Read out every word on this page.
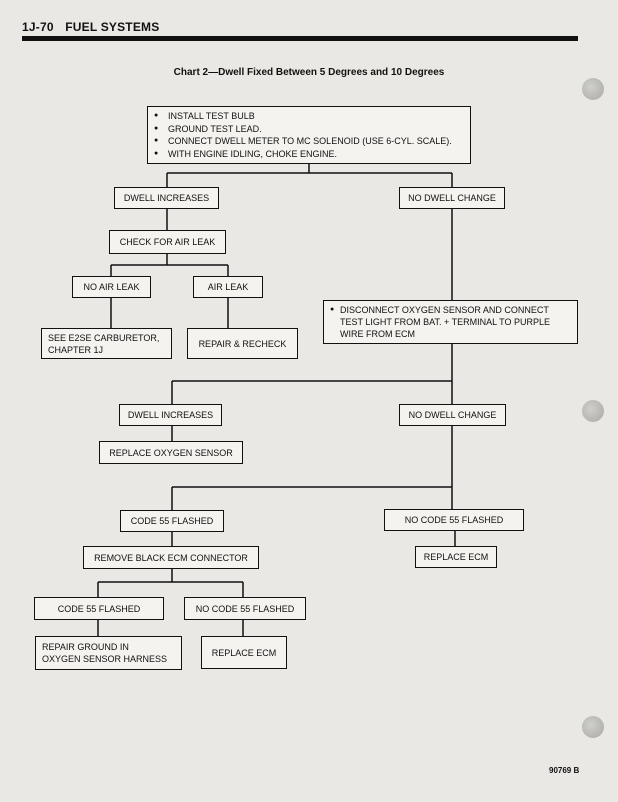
1J-70 FUEL SYSTEMS
Chart 2—Dwell Fixed Between 5 Degrees and 10 Degrees
● INSTALL TEST BULB
● GROUND TEST LEAD.
● CONNECT DWELL METER TO MC SOLENOID (USE 6-CYL. SCALE).
● WITH ENGINE IDLING, CHOKE ENGINE.
DWELL INCREASES	NO DWELL CHANGE
CHECK FOR AIR LEAK
NO AIR LEAK	AIR LEAK
SEE E2SE CARBURETOR,
CHAPTER 1J
REPAIR & RECHECK
● DISCONNECT OXYGEN SENSOR AND CONNECT
TEST LIGHT FROM BAT. + TERMINAL TO PURPLE
WIRE FROM ECM
DWELL INCREASES	NO DWELL CHANGE
REPLACE OXYGEN SENSOR
CODE 55 FLASHED	NO CODE 55 FLASHED
REMOVE BLACK ECM CONNECTOR	REPLACE ECM
CODE 55 FLASHED	NO CODE 55 FLASHED
REPAIR GROUND IN
OXYGEN SENSOR HARNESS
REPLACE ECM
90769 B
